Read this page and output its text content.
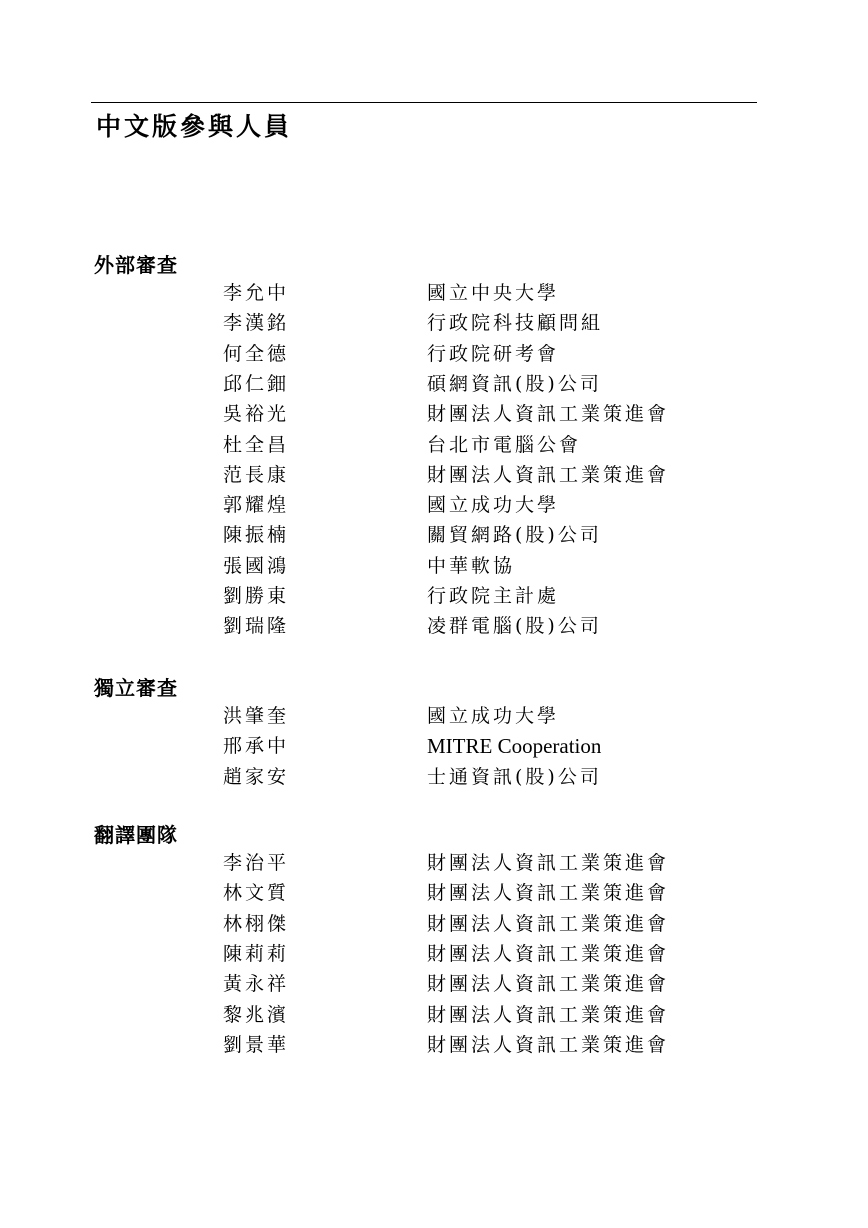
中文版參與人員
外部審查
李允中	國立中央大學
李漢銘	行政院科技顧問組
何全德	行政院研考會
邱仁鈿	碩網資訊(股)公司
吳裕光	財團法人資訊工業策進會
杜全昌	台北市電腦公會
范長康	財團法人資訊工業策進會
郭耀煌	國立成功大學
陳振楠	關貿網路(股)公司
張國鴻	中華軟協
劉勝東	行政院主計處
劉瑞隆	凌群電腦(股)公司
獨立審查
洪肇奎	國立成功大學
邢承中	MITRE Cooperation
趙家安	士通資訊(股)公司
翻譯團隊
李治平	財團法人資訊工業策進會
林文質	財團法人資訊工業策進會
林栩傑	財團法人資訊工業策進會
陳莉莉	財團法人資訊工業策進會
黃永祥	財團法人資訊工業策進會
黎兆濱	財團法人資訊工業策進會
劉景華	財團法人資訊工業策進會
